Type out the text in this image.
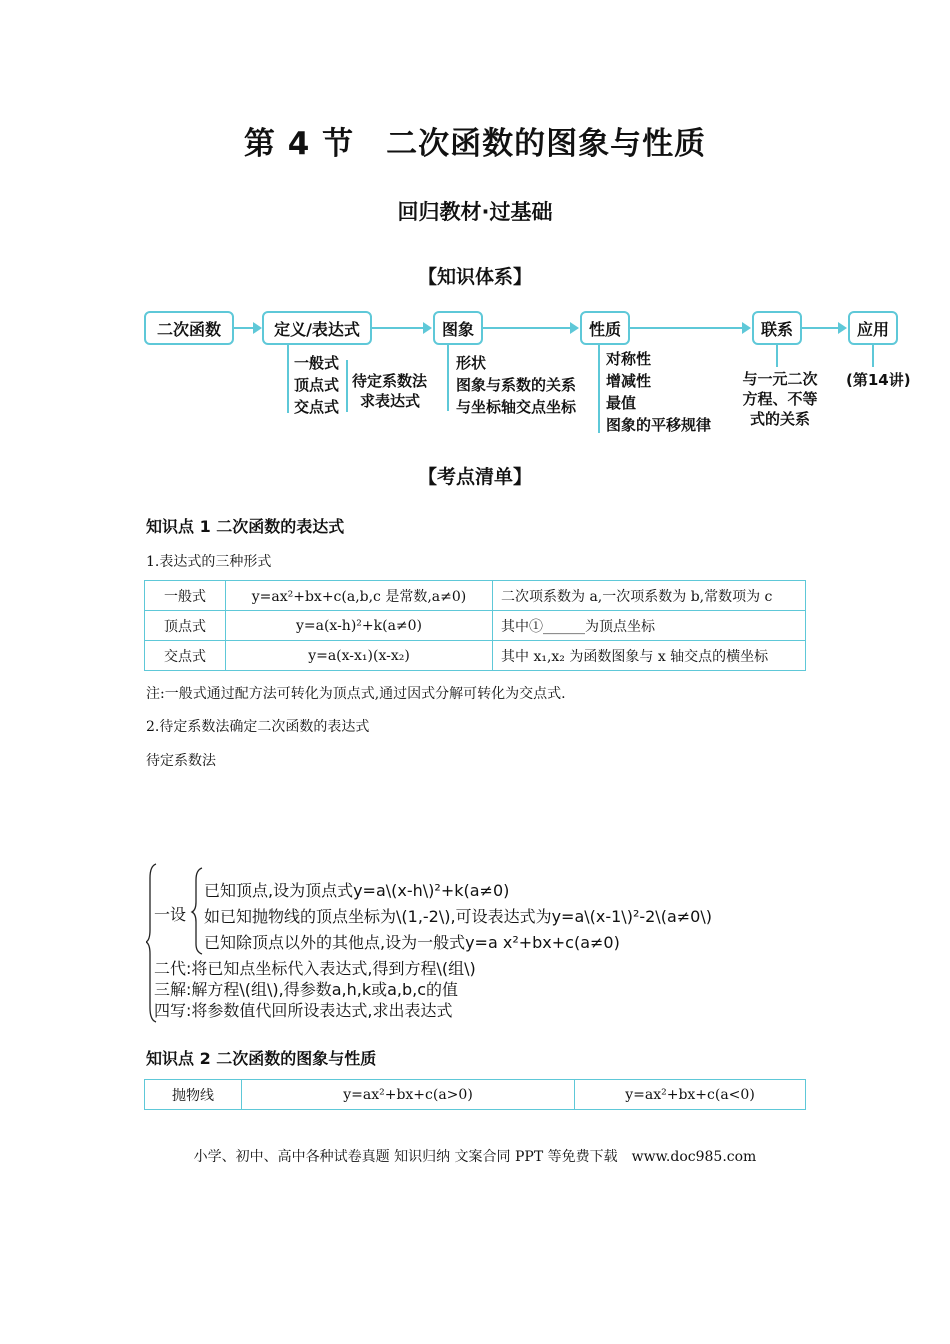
第 4 节　二次函数的图象与性质
回归教材·过基础
【知识体系】
二次函数	定义/表达式	图象	性质	联系	应用
一般式
顶点式
交点式
待定系数法
求表达式
形状
图象与系数的关系
与坐标轴交点坐标
对称性
增减性
最值
图象的平移规律
与一元二次
方程、不等
式的关系
(第14讲)
【考点清单】
知识点 1 二次函数的表达式
1.表达式的三种形式
一般式	y=ax²+bx+c(a,b,c 是常数,a≠0)	二次项系数为 a,一次项系数为 b,常数项为 c
顶点式	y=a(x-h)²+k(a≠0)	其中①______为顶点坐标
交点式	y=a(x-x₁)(x-x₂)	其中 x₁,x₂ 为函数图象与 x 轴交点的横坐标
注:一般式通过配方法可转化为顶点式,通过因式分解可转化为交点式.
2.待定系数法确定二次函数的表达式
待定系数法
一设
已知顶点,设为顶点式y=a\(x-h\)²+k(a≠0)
如已知抛物线的顶点坐标为\(1,-2\),可设表达式为y=a\(x-1\)²-2\(a≠0\)
已知除顶点以外的其他点,设为一般式y=a x²+bx+c(a≠0)
二代:将已知点坐标代入表达式,得到方程\(组\)
三解:解方程\(组\),得参数a,h,k或a,b,c的值
四写:将参数值代回所设表达式,求出表达式
知识点 2 二次函数的图象与性质
抛物线	y=ax²+bx+c(a>0)	y=ax²+bx+c(a<0)
小学、初中、高中各种试卷真题 知识归纳 文案合同 PPT 等免费下载　www.doc985.com
